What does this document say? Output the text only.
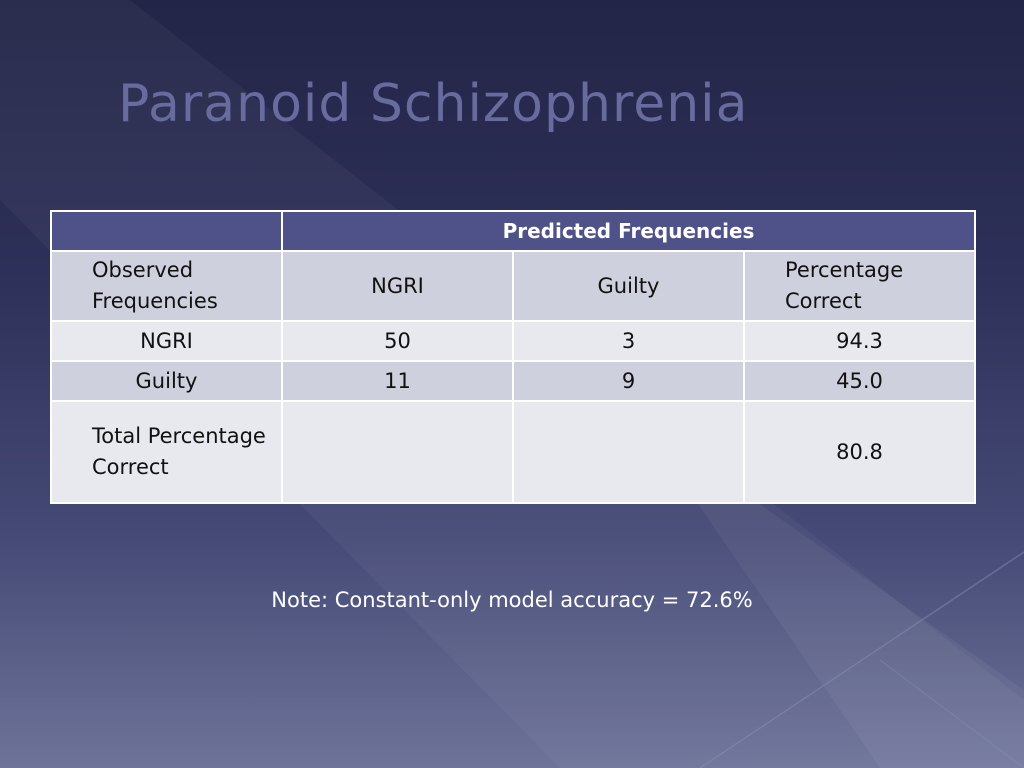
Paranoid Schizophrenia
	Predicted Frequencies		
Observed Frequencies	NGRI	Guilty	Percentage Correct
NGRI	50	3	94.3
Guilty	11	9	45.0
Total Percentage Correct			80.8
Note: Constant-only model accuracy = 72.6%
